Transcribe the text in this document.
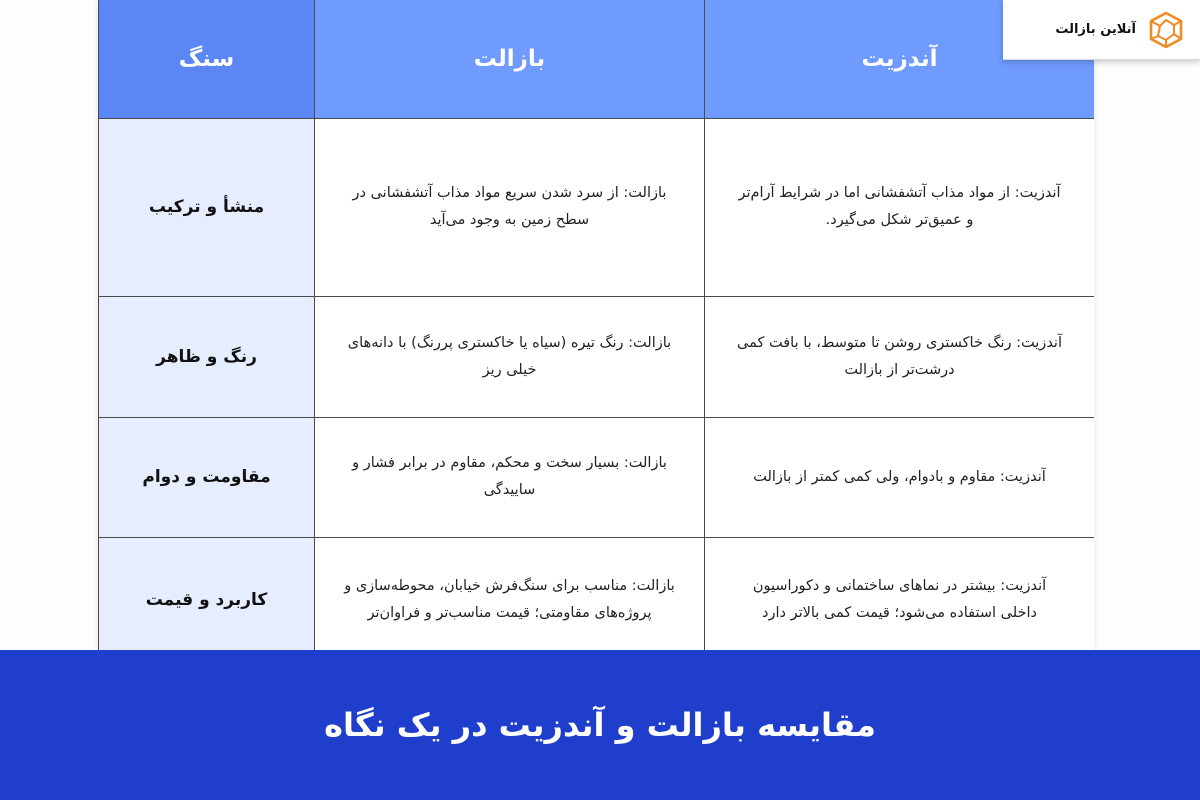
سنگ	بازالت	آندزیت
منشأ و ترکیب	بازالت: از سرد شدن سریع مواد مذاب آتشفشانی در سطح زمین به وجود می‌آید	آندزیت: از مواد مذاب آتشفشانی اما در شرایط آرام‌تر و عمیق‌تر شکل می‌گیرد.
رنگ و ظاهر	بازالت: رنگ تیره (سیاه یا خاکستری پررنگ) با دانه‌های خیلی ریز	آندزیت: رنگ خاکستری روشن تا متوسط، با بافت کمی درشت‌تر از بازالت
مقاومت و دوام	بازالت: بسیار سخت و محکم، مقاوم در برابر فشار و ساییدگی	آندزیت: مقاوم و بادوام، ولی کمی کمتر از بازالت
کاربرد و قیمت	بازالت: مناسب برای سنگ‌فرش خیابان، محوطه‌سازی و پروژه‌های مقاومتی؛ قیمت مناسب‌تر و فراوان‌تر	آندزیت: بیشتر در نماهای ساختمانی و دکوراسیون داخلی استفاده می‌شود؛ قیمت کمی بالاتر دارد
آنلاین بازالت
مقایسه بازالت و آندزیت در یک نگاه
